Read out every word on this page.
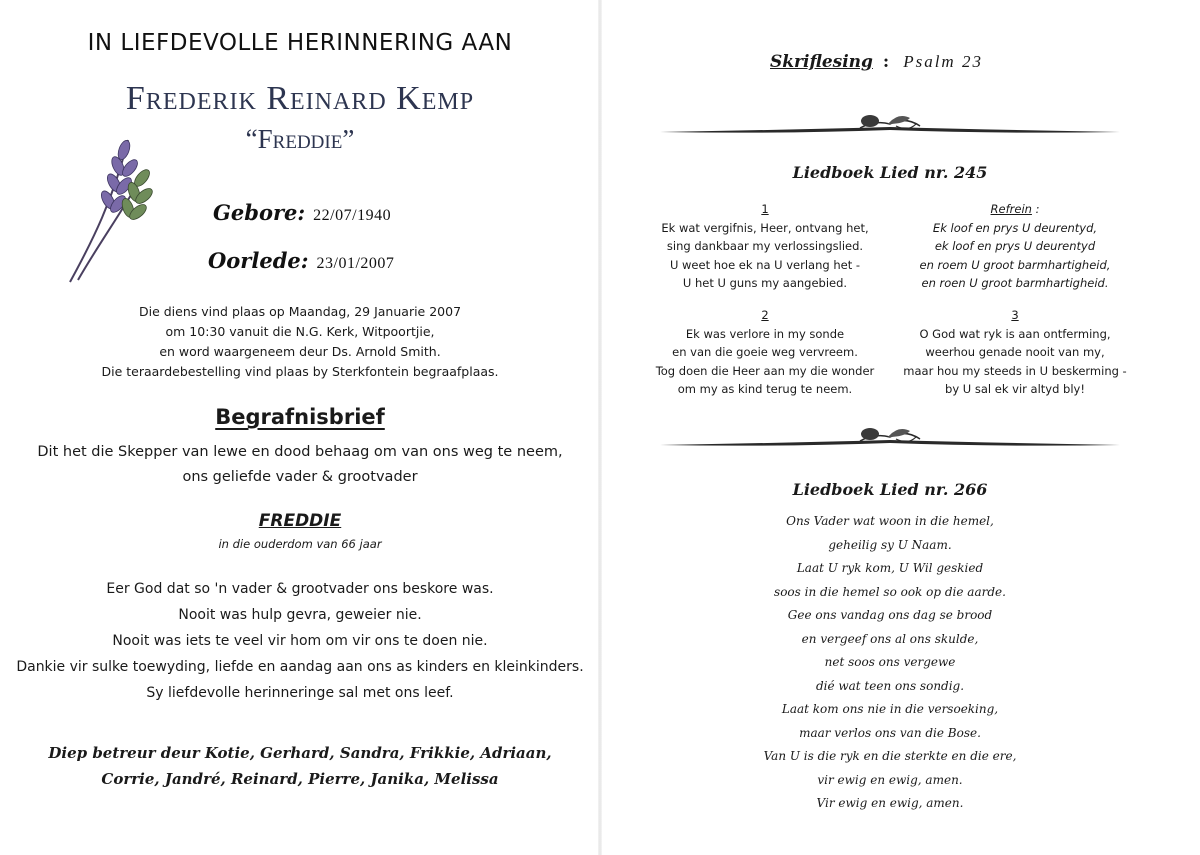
IN LIEFDEVOLLE HERINNERING AAN
Frederik Reinard Kemp
“Freddie”
Gebore: 22/07/1940
Oorlede: 23/01/2007
Die diens vind plaas op Maandag, 29 Januarie 2007
om 10:30 vanuit die N.G. Kerk, Witpoortjie,
en word waargeneem deur Ds. Arnold Smith.
Die teraardebestelling vind plaas by Sterkfontein begraafplaas.
Begrafnisbrief
Dit het die Skepper van lewe en dood behaag om van ons weg te neem,
ons geliefde vader & grootvader
FREDDIE
in die ouderdom van 66 jaar
Eer God dat so 'n vader & grootvader ons beskore was.
Nooit was hulp gevra, geweier nie.
Nooit was iets te veel vir hom om vir ons te doen nie.
Dankie vir sulke toewyding, liefde en aandag aan ons as kinders en kleinkinders.
Sy liefdevolle herinneringe sal met ons leef.
Diep betreur deur Kotie, Gerhard, Sandra, Frikkie, Adriaan,
Corrie, Jandré, Reinard, Pierre, Janika, Melissa
Skriflesing : Psalm 23
Liedboek Lied nr. 245
1
Ek wat vergifnis, Heer, ontvang het,
sing dankbaar my verlossingslied.
U weet hoe ek na U verlang het -
U het U guns my aangebied.
Refrein :
Ek loof en prys U deurentyd,
ek loof en prys U deurentyd
en roem U groot barmhartigheid,
en roen U groot barmhartigheid.
2
Ek was verlore in my sonde
en van die goeie weg vervreem.
Tog doen die Heer aan my die wonder
om my as kind terug te neem.
3
O God wat ryk is aan ontferming,
weerhou genade nooit van my,
maar hou my steeds in U beskerming -
by U sal ek vir altyd bly!
Liedboek Lied nr. 266
Ons Vader wat woon in die hemel,
geheilig sy U Naam.
Laat U ryk kom, U Wil geskied
soos in die hemel so ook op die aarde.
Gee ons vandag ons dag se brood
en vergeef ons al ons skulde,
net soos ons vergewe
dié wat teen ons sondig.
Laat kom ons nie in die versoeking,
maar verlos ons van die Bose.
Van U is die ryk en die sterkte en die ere,
vir ewig en ewig, amen.
Vir ewig en ewig, amen.
